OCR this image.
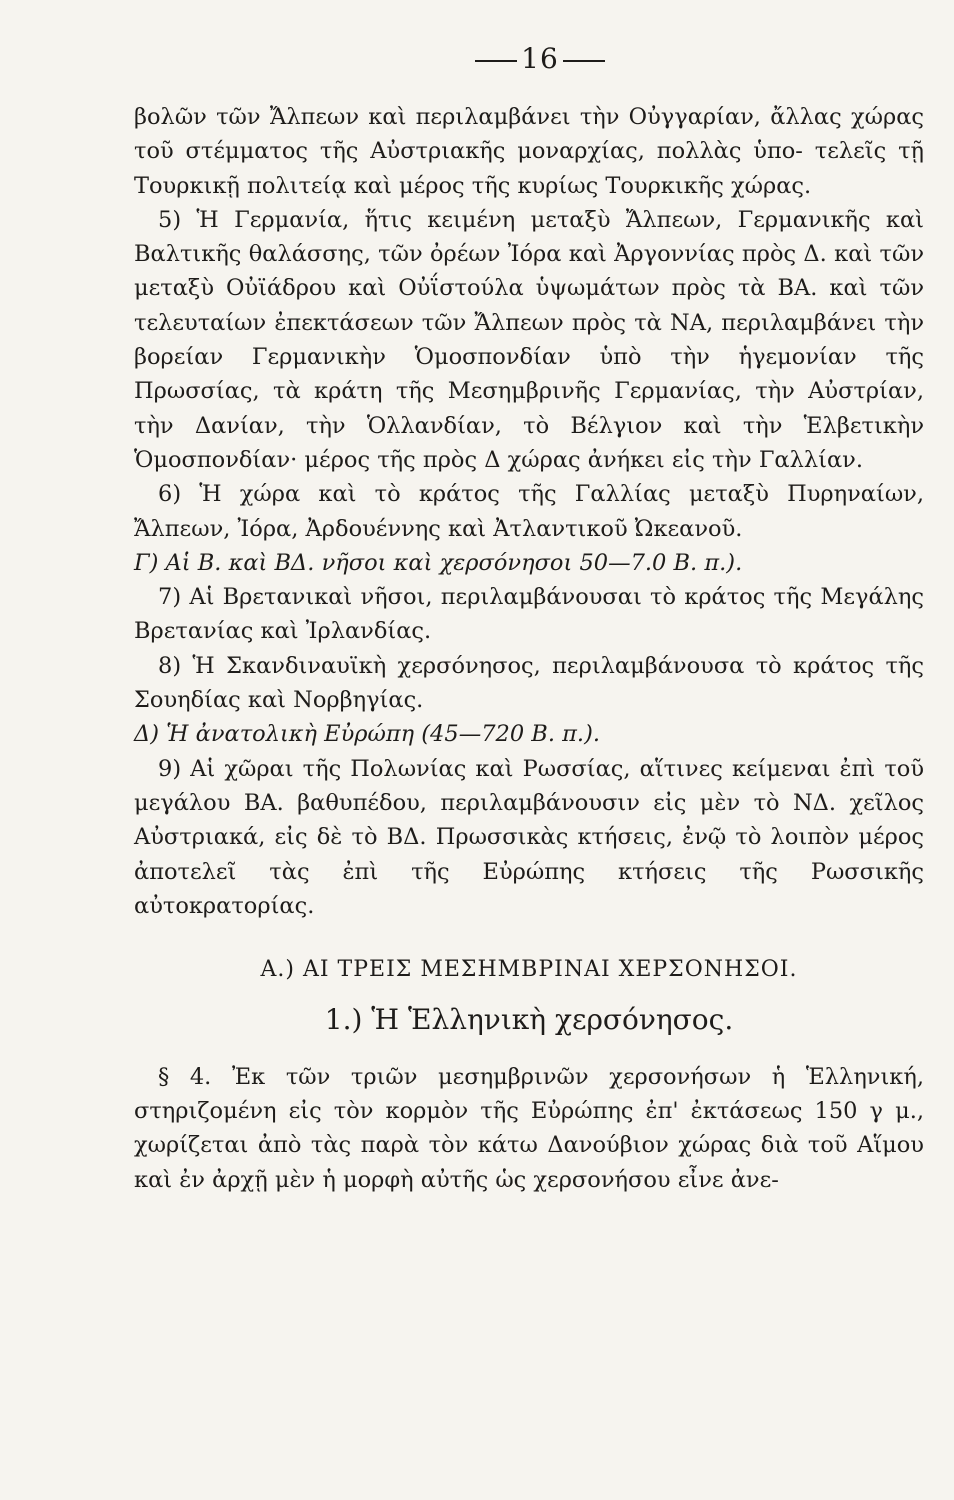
16

βολῶν τῶν Ἄλπεων καὶ περιλαμβάνει τὴν Οὐγγαρίαν, ἄλλας χώρας τοῦ στέμματος τῆς Αὐστριακῆς μοναρχίας, πολλὰς ὑπο- τελεῖς τῇ Τουρκικῇ πολιτείᾳ καὶ μέρος τῆς κυρίως Τουρκικῆς χώρας.

5) Ἡ Γερμανία, ἥτις κειμένη μεταξὺ Ἄλπεων, Γερμανικῆς καὶ Βαλτικῆς θαλάσσης, τῶν ὀρέων Ἰόρα καὶ Ἀργοννίας πρὸς Δ. καὶ τῶν μεταξὺ Οὐϊάδρου καὶ Οὐΐστούλα ὑψωμάτων πρὸς τὰ ΒΑ. καὶ τῶν τελευταίων ἐπεκτάσεων τῶν Ἄλπεων πρὸς τὰ ΝΑ, περιλαμβάνει τὴν βορείαν Γερμανικὴν Ὁμοσπονδίαν ὑπὸ τὴν ἡγεμονίαν τῆς Πρωσσίας, τὰ κράτη τῆς Μεσημβρινῆς Γερμανίας, τὴν Αὐστρίαν, τὴν Δανίαν, τὴν Ὁλλανδίαν, τὸ Βέλγιον καὶ τὴν Ἑλβετικὴν Ὁμοσπονδίαν· μέρος τῆς πρὸς Δ χώρας ἀνήκει εἰς τὴν Γαλλίαν.

6) Ἡ χώρα καὶ τὸ κράτος τῆς Γαλλίας μεταξὺ Πυρηναίων, Ἄλπεων, Ἰόρα, Ἀρδουέννης καὶ Ἀτλαντικοῦ Ὠκεανοῦ.

Γ) Αἱ Β. καὶ ΒΔ. νῆσοι καὶ χερσόνησοι 50—7.0 Β. π.).

7) Αἱ Βρετανικαὶ νῆσοι, περιλαμβάνουσαι τὸ κράτος τῆς Μεγάλης Βρετανίας καὶ Ἰρλανδίας.

8) Ἡ Σκανδιναυϊκὴ χερσόνησος, περιλαμβάνουσα τὸ κράτος τῆς Σουηδίας καὶ Νορβηγίας.

Δ) Ἡ ἀνατολικὴ Εὐρώπη (45—720 Β. π.).

9) Αἱ χῶραι τῆς Πολωνίας καὶ Ρωσσίας, αἵτινες κείμεναι ἐπὶ τοῦ μεγάλου ΒΑ. βαθυπέδου, περιλαμβάνουσιν εἰς μὲν τὸ ΝΔ. χεῖλος Αὐστριακά, εἰς δὲ τὸ ΒΔ. Πρωσσικὰς κτήσεις, ἐνῷ τὸ λοιπὸν μέρος ἀποτελεῖ τὰς ἐπὶ τῆς Εὐρώπης κτήσεις τῆς Ρωσσικῆς αὐτοκρατορίας.

Α.) ΑΙ ΤΡΕΙΣ ΜΕΣΗΜΒΡΙΝΑΙ ΧΕΡΣΟΝΗΣΟΙ.
1.) Ἡ Ἑλληνικὴ χερσόνησος.

§ 4. Ἐκ τῶν τριῶν μεσημβρινῶν χερσονήσων ἡ Ἑλληνική, στηριζομένη εἰς τὸν κορμὸν τῆς Εὐρώπης ἐπ' ἐκτάσεως 150 γ μ., χωρίζεται ἀπὸ τὰς παρὰ τὸν κάτω Δανούβιον χώρας διὰ τοῦ Αἵμου καὶ ἐν ἀρχῇ μὲν ἡ μορφὴ αὐτῆς ὡς χερσονήσου εἶνε ἀνε-
